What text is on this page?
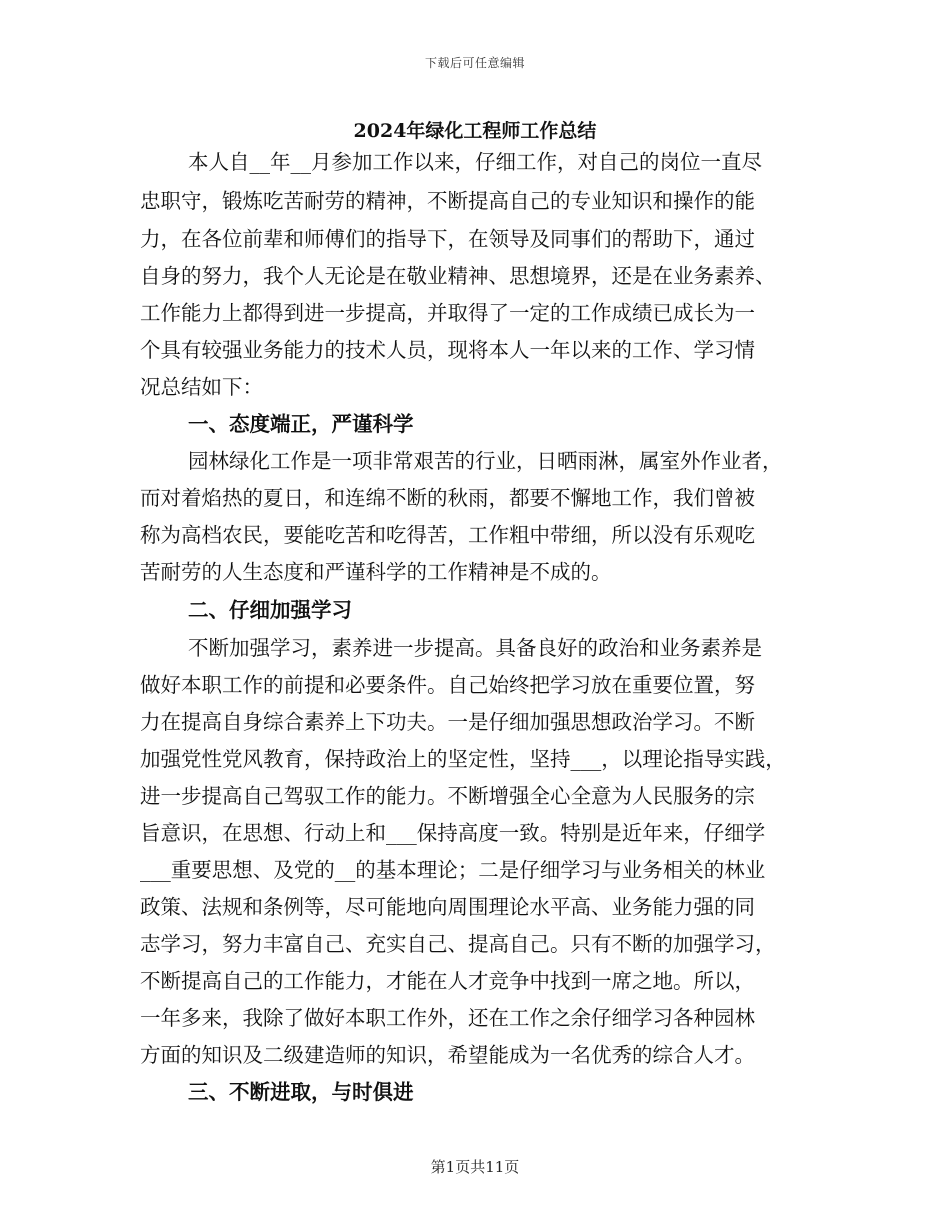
下载后可任意编辑
2024年绿化工程师工作总结
本人自__年__月参加工作以来，仔细工作，对自己的岗位一直尽
忠职守，锻炼吃苦耐劳的精神，不断提高自己的专业知识和操作的能
力，在各位前辈和师傅们的指导下，在领导及同事们的帮助下，通过
自身的努力，我个人无论是在敬业精神、思想境界，还是在业务素养、
工作能力上都得到进一步提高，并取得了一定的工作成绩已成长为一
个具有较强业务能力的技术人员，现将本人一年以来的工作、学习情
况总结如下：
一、态度端正，严谨科学
园林绿化工作是一项非常艰苦的行业，日晒雨淋，属室外作业者，
而对着焰热的夏日，和连绵不断的秋雨，都要不懈地工作，我们曾被
称为高档农民，要能吃苦和吃得苦，工作粗中带细，所以没有乐观吃
苦耐劳的人生态度和严谨科学的工作精神是不成的。
二、仔细加强学习
不断加强学习，素养进一步提高。具备良好的政治和业务素养是
做好本职工作的前提和必要条件。自己始终把学习放在重要位置，努
力在提高自身综合素养上下功夫。一是仔细加强思想政治学习。不断
加强党性党风教育，保持政治上的坚定性，坚持___，以理论指导实践，
进一步提高自己驾驭工作的能力。不断增强全心全意为人民服务的宗
旨意识，在思想、行动上和___保持高度一致。特别是近年来，仔细学
___重要思想、及党的__的基本理论；二是仔细学习与业务相关的林业
政策、法规和条例等，尽可能地向周围理论水平高、业务能力强的同
志学习，努力丰富自己、充实自己、提高自己。只有不断的加强学习，
不断提高自己的工作能力，才能在人才竞争中找到一席之地。所以，
一年多来，我除了做好本职工作外，还在工作之余仔细学习各种园林
方面的知识及二级建造师的知识，希望能成为一名优秀的综合人才。
三、不断进取，与时俱进
第1页共11页
